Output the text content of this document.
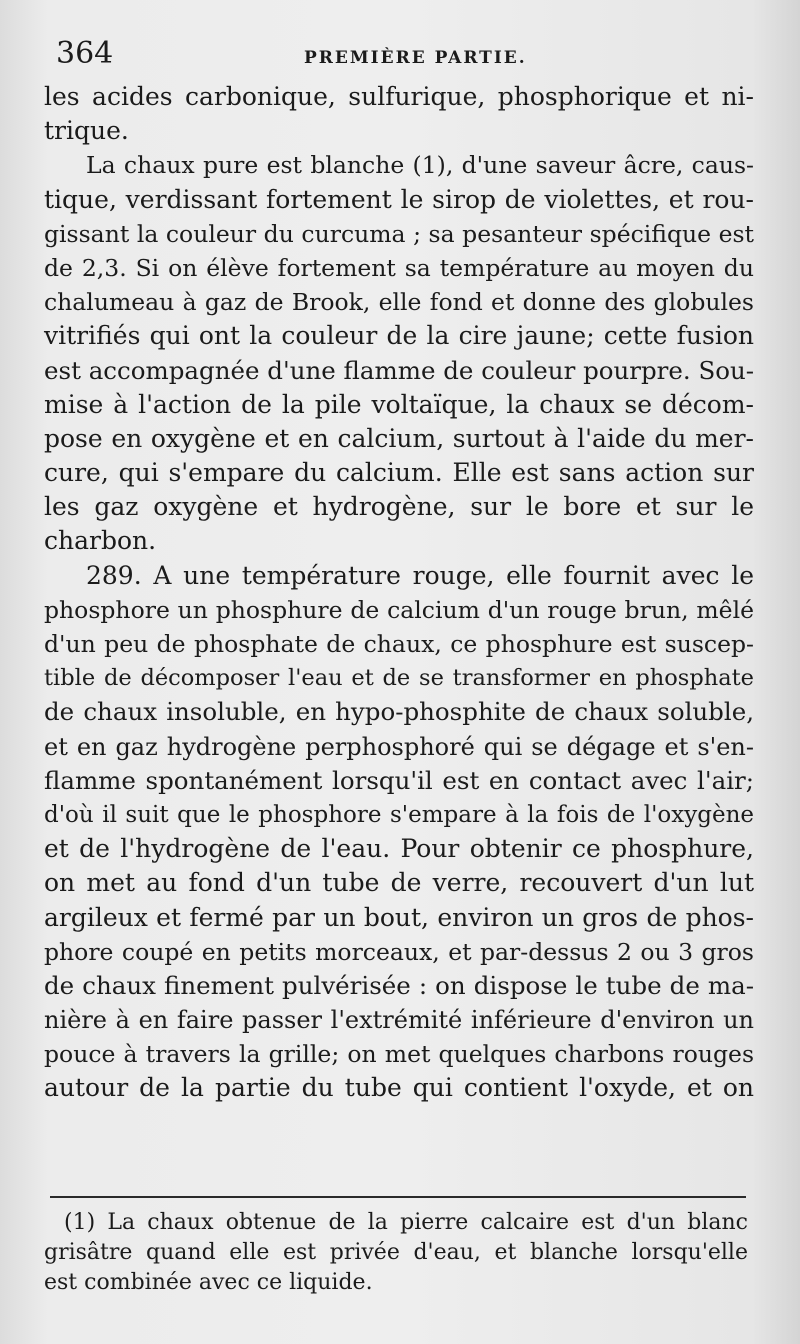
364	PREMIÈRE PARTIE.
les acides carbonique, sulfurique, phosphorique et ni-
trique.
La chaux pure est blanche (1), d'une saveur âcre, caus-
tique, verdissant fortement le sirop de violettes, et rou-
gissant la couleur du curcuma ; sa pesanteur spécifique est
de 2,3. Si on élève fortement sa température au moyen du
chalumeau à gaz de Brook, elle fond et donne des globules
vitrifiés qui ont la couleur de la cire jaune; cette fusion
est accompagnée d'une flamme de couleur pourpre. Sou-
mise à l'action de la pile voltaïque, la chaux se décom-
pose en oxygène et en calcium, surtout à l'aide du mer-
cure, qui s'empare du calcium. Elle est sans action sur
les gaz oxygène et hydrogène, sur le bore et sur le
charbon.
289. A une température rouge, elle fournit avec le
phosphore un phosphure de calcium d'un rouge brun, mêlé
d'un peu de phosphate de chaux, ce phosphure est suscep-
tible de décomposer l'eau et de se transformer en phosphate
de chaux insoluble, en hypo-phosphite de chaux soluble,
et en gaz hydrogène perphosphoré qui se dégage et s'en-
flamme spontanément lorsqu'il est en contact avec l'air;
d'où il suit que le phosphore s'empare à la fois de l'oxygène
et de l'hydrogène de l'eau. Pour obtenir ce phosphure,
on met au fond d'un tube de verre, recouvert d'un lut
argileux et fermé par un bout, environ un gros de phos-
phore coupé en petits morceaux, et par-dessus 2 ou 3 gros
de chaux finement pulvérisée : on dispose le tube de ma-
nière à en faire passer l'extrémité inférieure d'environ un
pouce à travers la grille; on met quelques charbons rouges
autour de la partie du tube qui contient l'oxyde, et on
(1) La chaux obtenue de la pierre calcaire est d'un blanc
grisâtre quand elle est privée d'eau, et blanche lorsqu'elle
est combinée avec ce liquide.
